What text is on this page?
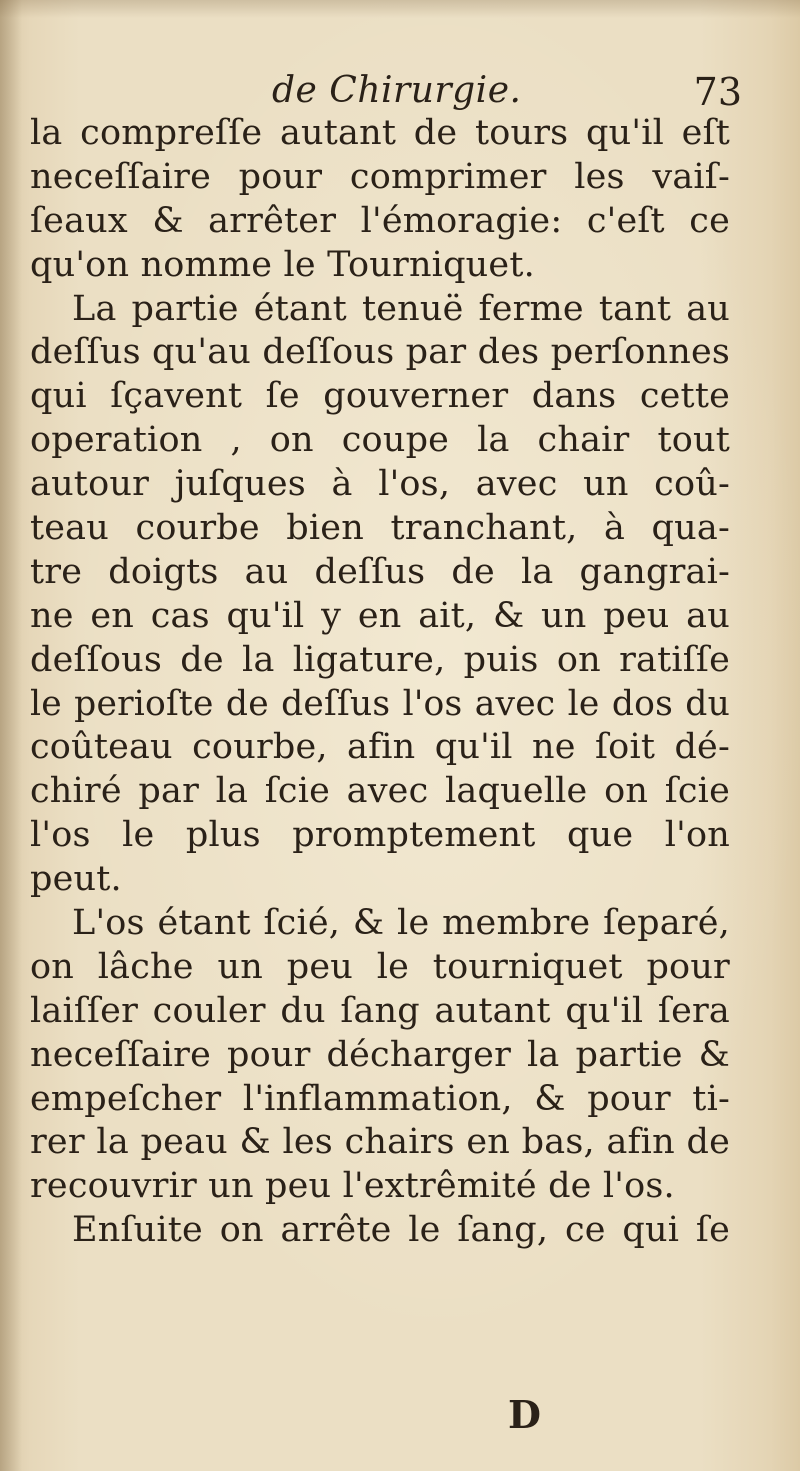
de Chirurgie.	73
la compreſſe autant de tours qu'il eſt
neceſſaire pour comprimer les vaiſ-
ſeaux & arrêter l'émoragie: c'eſt ce
qu'on nomme le Tourniquet.
La partie étant tenuë ferme tant au
deſſus qu'au deſſous par des perſonnes
qui ſçavent ſe gouverner dans cette
operation , on coupe la chair tout
autour juſques à l'os, avec un coû-
teau courbe bien tranchant, à qua-
tre doigts au deſſus de la gangrai-
ne en cas qu'il y en ait, & un peu au
deſſous de la ligature, puis on ratiſſe
le perioſte de deſſus l'os avec le dos du
coûteau courbe, afin qu'il ne ſoit dé-
chiré par la ſcie avec laquelle on ſcie
l'os le plus promptement que l'on
peut.
L'os étant ſcié, & le membre ſeparé,
on lâche un peu le tourniquet pour
laiſſer couler du ſang autant qu'il ſera
neceſſaire pour décharger la partie &
empeſcher l'inflammation, & pour ti-
rer la peau & les chairs en bas, afin de
recouvrir un peu l'extrêmité de l'os.
Enſuite on arrête le ſang, ce qui ſe
D
